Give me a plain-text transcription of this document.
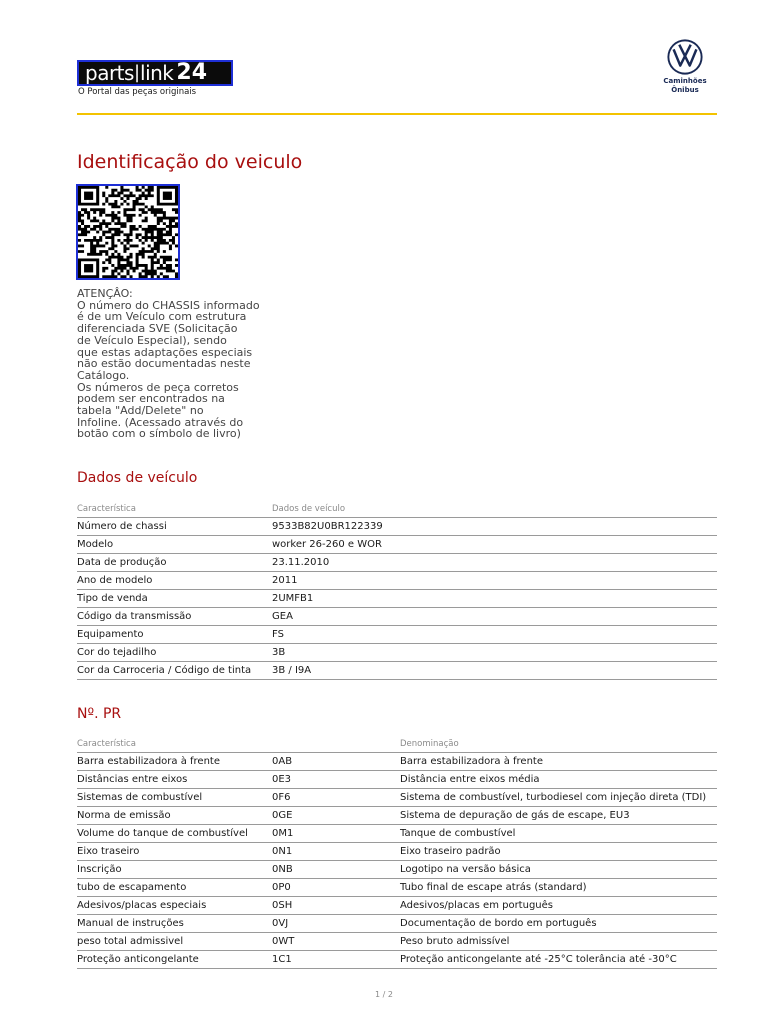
parts | link 24
O Portal das peças originais
Caminhões
Ônibus
Identificação do veiculo
ATENÇÂO:
O número do CHASSIS informado
é de um Veículo com estrutura
diferenciada SVE (Solicitação
de Veículo Especial), sendo
que estas adaptações especiais
não estão documentadas neste
Catálogo.
Os números de peça corretos
podem ser encontrados na
tabela "Add/Delete" no
Infoline. (Acessado através do
botão com o símbolo de livro)
Dados de veículo
Característica	Dados de veículo
Número de chassi	9533B82U0BR122339
Modelo	worker 26-260 e WOR
Data de produção	23.11.2010
Ano de modelo	2011
Tipo de venda	2UMFB1
Código da transmissão	GEA
Equipamento	FS
Cor do tejadilho	3B
Cor da Carroceria / Código de tinta	3B / I9A
Nº. PR
Característica		Denominação
Barra estabilizadora à frente	0AB	Barra estabilizadora à frente
Distâncias entre eixos	0E3	Distância entre eixos média
Sistemas de combustível	0F6	Sistema de combustível, turbodiesel com injeção direta (TDI)
Norma de emissão	0GE	Sistema de depuração de gás de escape, EU3
Volume do tanque de combustível	0M1	Tanque de combustível
Eixo traseiro	0N1	Eixo traseiro padrão
Inscrição	0NB	Logotipo na versão básica
tubo de escapamento	0P0	Tubo final de escape atrás (standard)
Adesivos/placas especiais	0SH	Adesivos/placas em português
Manual de instruções	0VJ	Documentação de bordo em português
peso total admissivel	0WT	Peso bruto admissível
Proteção anticongelante	1C1	Proteção anticongelante até -25°C tolerância até -30°C
1 / 2
